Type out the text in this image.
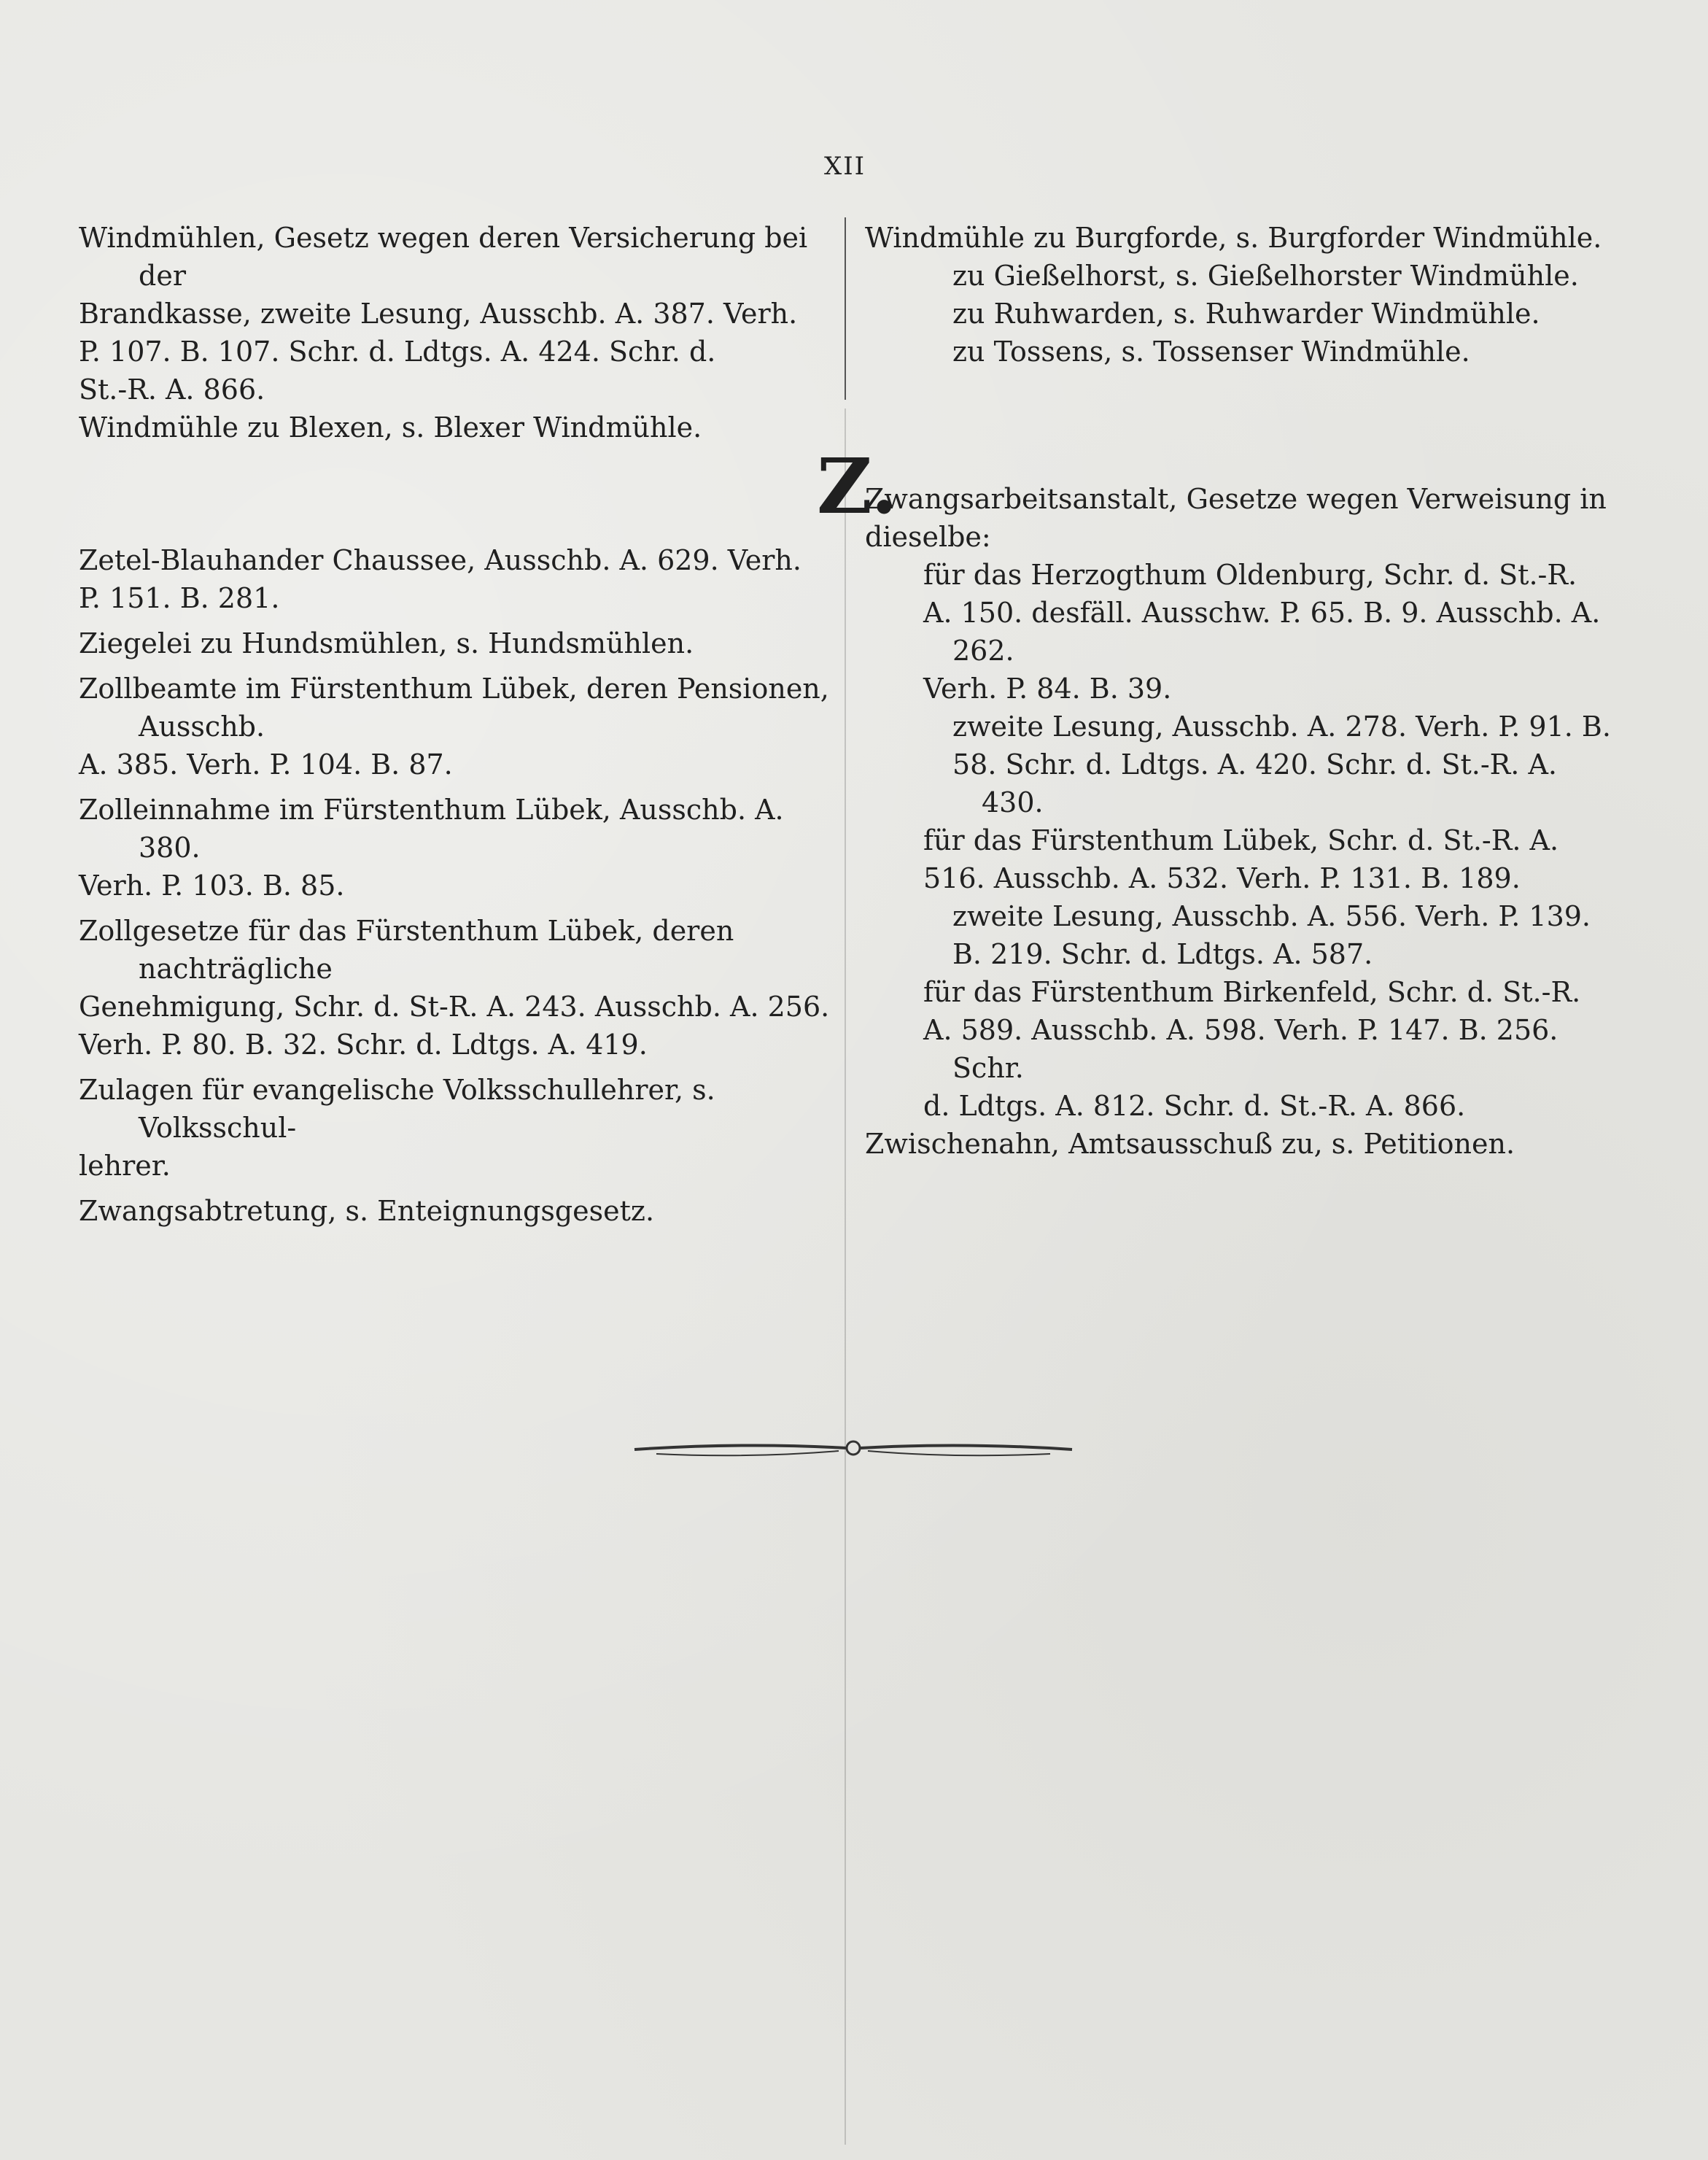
XII
Windmühlen, Gesetz wegen deren Versicherung bei der
Brandkasse, zweite Lesung, Ausschb. A. 387. Verh.
P. 107. B. 107. Schr. d. Ldtgs. A. 424. Schr. d.
St.-R. A. 866.
Windmühle zu Blexen, s. Blexer Windmühle.
Zetel-Blauhander Chaussee, Ausschb. A. 629. Verh.
P. 151. B. 281.
Ziegelei zu Hundsmühlen, s. Hundsmühlen.
Zollbeamte im Fürstenthum Lübek, deren Pensionen, Ausschb.
A. 385. Verh. P. 104. B. 87.
Zolleinnahme im Fürstenthum Lübek, Ausschb. A. 380.
Verh. P. 103. B. 85.
Zollgesetze für das Fürstenthum Lübek, deren nachträgliche
Genehmigung, Schr. d. St-R. A. 243. Ausschb. A. 256.
Verh. P. 80. B. 32. Schr. d. Ldtgs. A. 419.
Zulagen für evangelische Volksschullehrer, s. Volksschul-
lehrer.
Zwangsabtretung, s. Enteignungsgesetz.
Z.
Windmühle zu Burgforde, s. Burgforder Windmühle.
zu Gießelhorst, s. Gießelhorster Windmühle.
zu Ruhwarden, s. Ruhwarder Windmühle.
zu Tossens, s. Tossenser Windmühle.
Zwangsarbeitsanstalt, Gesetze wegen Verweisung in
dieselbe:
für das Herzogthum Oldenburg, Schr. d. St.-R.
A. 150. desfäll. Ausschw. P. 65. B. 9. Ausschb. A. 262.
Verh. P. 84. B. 39.
zweite Lesung, Ausschb. A. 278. Verh. P. 91. B.
58. Schr. d. Ldtgs. A. 420. Schr. d. St.-R. A. 430.
für das Fürstenthum Lübek, Schr. d. St.-R. A.
516. Ausschb. A. 532. Verh. P. 131. B. 189.
zweite Lesung, Ausschb. A. 556. Verh. P. 139.
B. 219. Schr. d. Ldtgs. A. 587.
für das Fürstenthum Birkenfeld, Schr. d. St.-R.
A. 589. Ausschb. A. 598. Verh. P. 147. B. 256. Schr.
d. Ldtgs. A. 812. Schr. d. St.-R. A. 866.
Zwischenahn, Amtsausschuß zu, s. Petitionen.
